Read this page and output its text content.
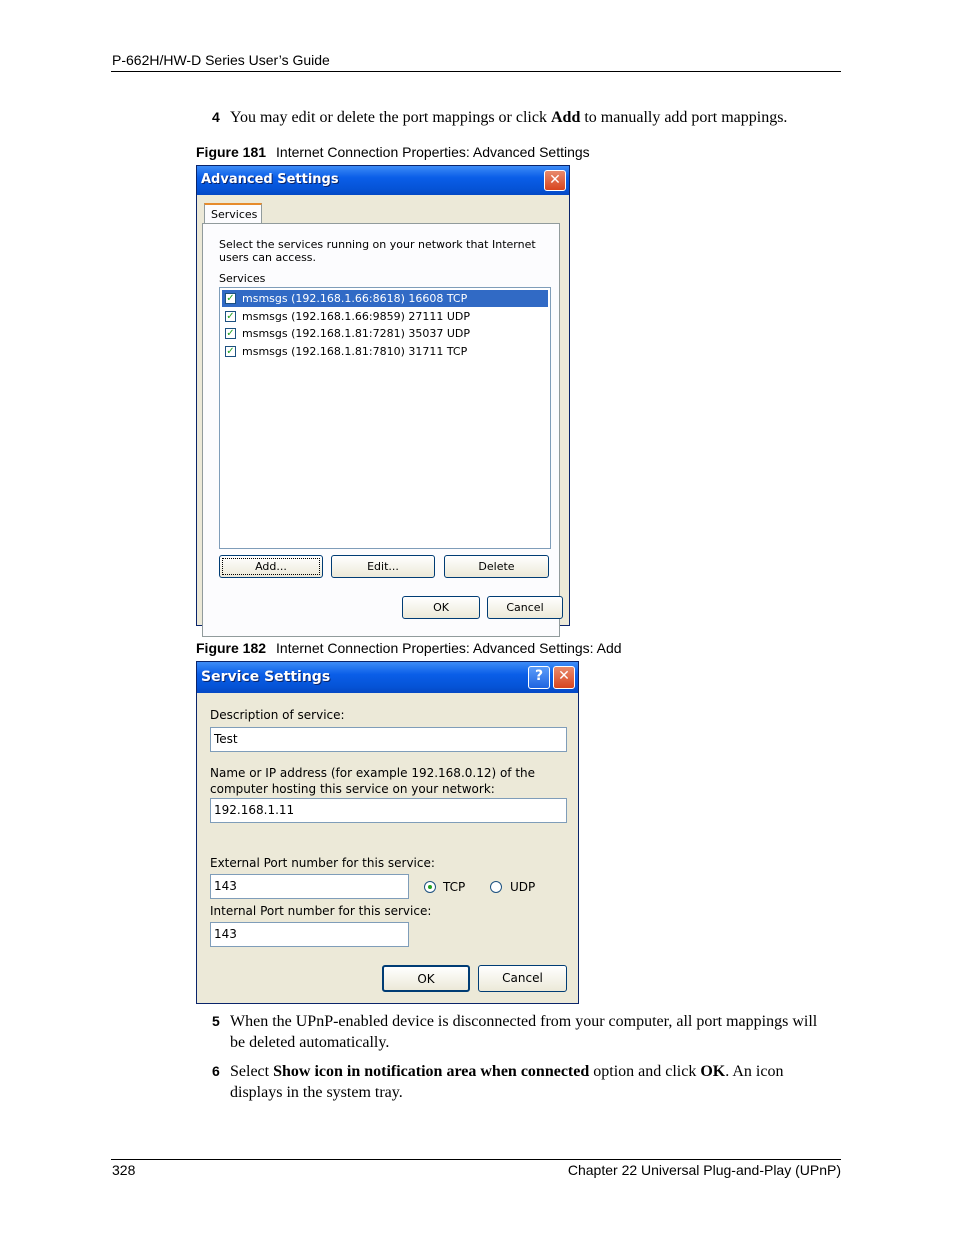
P-662H/HW-D Series User’s Guide
4 You may edit or delete the port mappings or click Add to manually add port mappings.
Figure 181 Internet Connection Properties: Advanced Settings
Advanced Settings	✕
Services
Select the services running on your network that Internet users can access.
Services
✓ msmsgs (192.168.1.66:8618) 16608 TCP
✓ msmsgs (192.168.1.66:9859) 27111 UDP
✓ msmsgs (192.168.1.81:7281) 35037 UDP
✓ msmsgs (192.168.1.81:7810) 31711 TCP
Add...	Edit...	Delete
OK	Cancel
Figure 182 Internet Connection Properties: Advanced Settings: Add
Service Settings	?	✕
Description of service:
Test
Name or IP address (for example 192.168.0.12) of the
computer hosting this service on your network:
192.168.1.11
External Port number for this service:
143	TCP	UDP
Internal Port number for this service:
143
OK	Cancel
5 When the UPnP-enabled device is disconnected from your computer, all port mappings will be deleted automatically.
6 Select Show icon in notification area when connected option and click OK. An icon displays in the system tray.
328	Chapter 22 Universal Plug-and-Play (UPnP)
